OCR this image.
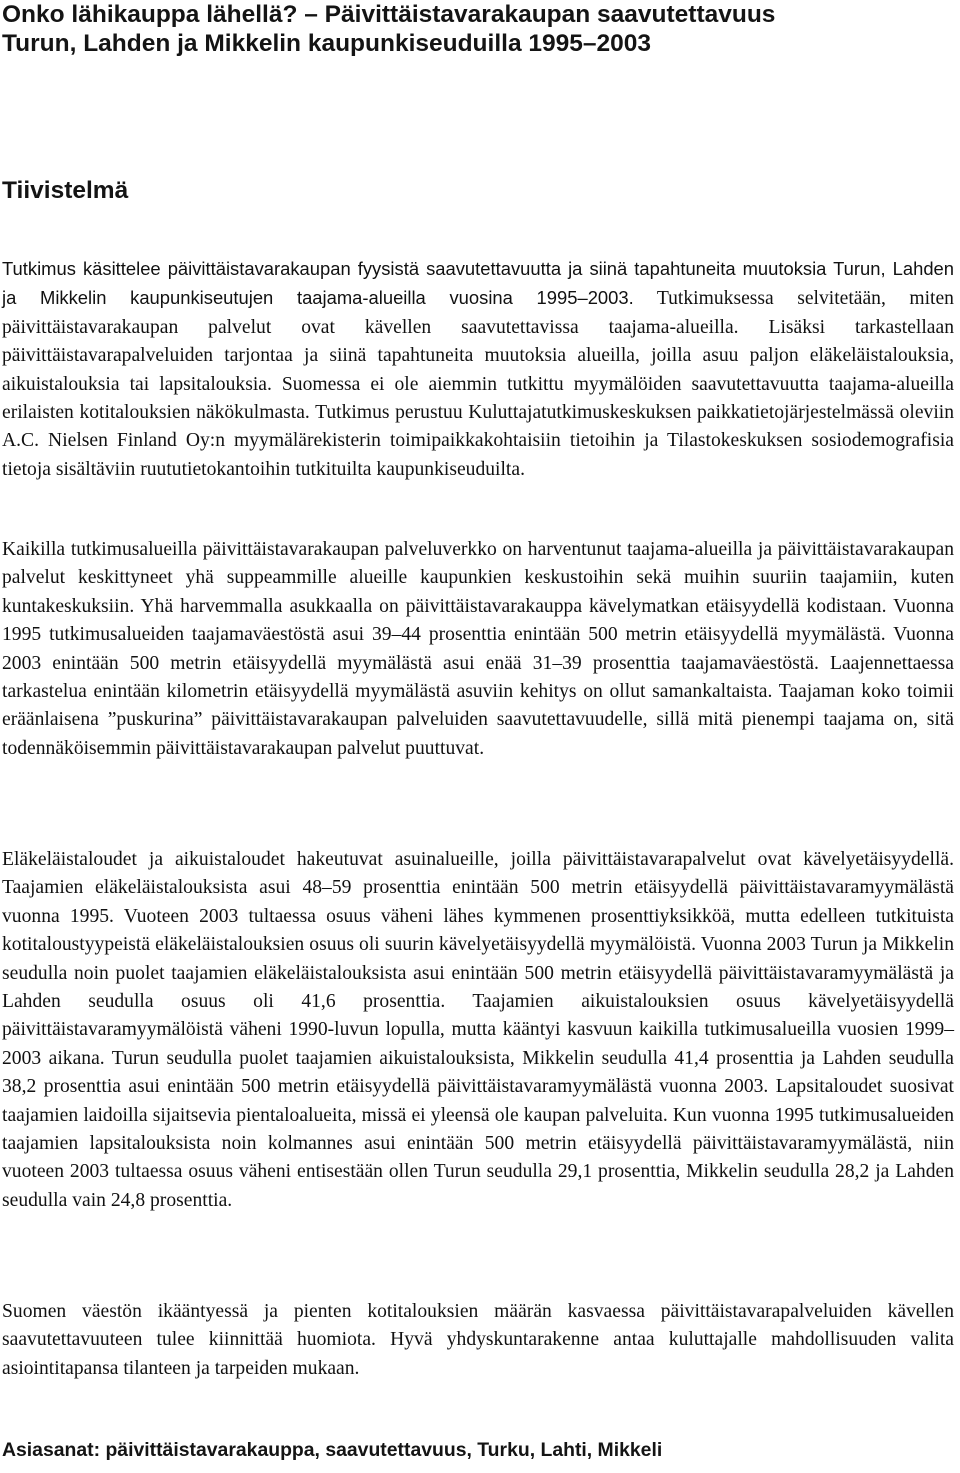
Onko lähikauppa lähellä? – Päivittäistavarakaupan saavutettavuus
Turun, Lahden ja Mikkelin kaupunkiseuduilla 1995–2003
Tiivistelmä

Tutkimus käsittelee päivittäistavarakaupan fyysistä saavutettavuutta ja siinä tapahtuneita muutoksia Turun, Lahden ja Mikkelin kaupunkiseutujen taajama-alueilla vuosina 1995–2003. Tutkimuksessa selvitetään, miten päivittäistavarakaupan palvelut ovat kävellen saavutettavissa taajama-alueilla. Lisäksi tarkastellaan päivittäistavarapalveluiden tarjontaa ja siinä tapahtuneita muutoksia alueilla, joilla asuu paljon eläkeläistalouksia, aikuistalouksia tai lapsitalouksia. Suomessa ei ole aiemmin tutkittu myymälöiden saavutettavuutta taajama-alueilla erilaisten kotitalouksien näkökulmasta. Tutkimus perustuu Kuluttajatutkimuskeskuksen paikkatietojärjestelmässä oleviin A.C. Nielsen Finland Oy:n myymälärekisterin toimipaikkakohtaisiin tietoihin ja Tilastokeskuksen sosiodemografisia tietoja sisältäviin ruututietokantoihin tutkituilta kaupunkiseuduilta.

Kaikilla tutkimusalueilla päivittäistavarakaupan palveluverkko on harventunut taajama-alueilla ja päivittäistavarakaupan palvelut keskittyneet yhä suppeammille alueille kaupunkien keskustoihin sekä muihin suuriin taajamiin, kuten kuntakeskuksiin. Yhä harvemmalla asukkaalla on päivittäistavarakauppa kävelymatkan etäisyydellä kodistaan. Vuonna 1995 tutkimusalueiden taajamaväestöstä asui 39–44 prosenttia enintään 500 metrin etäisyydellä myymälästä. Vuonna 2003 enintään 500 metrin etäisyydellä myymälästä asui enää 31–39 prosenttia taajamaväestöstä. Laajennettaessa tarkastelua enintään kilometrin etäisyydellä myymälästä asuviin kehitys on ollut samankaltaista. Taajaman koko toimii eräänlaisena ”puskurina” päivittäistavarakaupan palveluiden saavutettavuudelle, sillä mitä pienempi taajama on, sitä todennäköisemmin päivittäistavarakaupan palvelut puuttuvat.

Eläkeläistaloudet ja aikuistaloudet hakeutuvat asuinalueille, joilla päivittäistavarapalvelut ovat kävelyetäisyydellä. Taajamien eläkeläistalouksista asui 48–59 prosenttia enintään 500 metrin etäisyydellä päivittäistavaramyymälästä vuonna 1995. Vuoteen 2003 tultaessa osuus väheni lähes kymmenen prosenttiyksikköä, mutta edelleen tutkituista kotitaloustyypeistä eläkeläistalouksien osuus oli suurin kävelyetäisyydellä myymälöistä. Vuonna 2003 Turun ja Mikkelin seudulla noin puolet taajamien eläkeläistalouksista asui enintään 500 metrin etäisyydellä päivittäistavaramyymälästä ja Lahden seudulla osuus oli 41,6 prosenttia. Taajamien aikuistalouksien osuus kävelyetäisyydellä päivittäistavaramyymälöistä väheni 1990-luvun lopulla, mutta kääntyi kasvuun kaikilla tutkimusalueilla vuosien 1999–2003 aikana. Turun seudulla puolet taajamien aikuistalouksista, Mikkelin seudulla 41,4 prosenttia ja Lahden seudulla 38,2 prosenttia asui enintään 500 metrin etäisyydellä päivittäistavaramyymälästä vuonna 2003. Lapsitaloudet suosivat taajamien laidoilla sijaitsevia pientaloalueita, missä ei yleensä ole kaupan palveluita. Kun vuonna 1995 tutkimusalueiden taajamien lapsitalouksista noin kolmannes asui enintään 500 metrin etäisyydellä päivittäistavaramyymälästä, niin vuoteen 2003 tultaessa osuus väheni entisestään ollen Turun seudulla 29,1 prosenttia, Mikkelin seudulla 28,2 ja Lahden seudulla vain 24,8 prosenttia.

Suomen väestön ikääntyessä ja pienten kotitalouksien määrän kasvaessa päivittäistavarapalveluiden kävellen saavutettavuuteen tulee kiinnittää huomiota. Hyvä yhdyskuntarakenne antaa kuluttajalle mahdollisuuden valita asiointitapansa tilanteen ja tarpeiden mukaan.

Asiasanat: päivittäistavarakauppa, saavutettavuus, Turku, Lahti, Mikkeli
